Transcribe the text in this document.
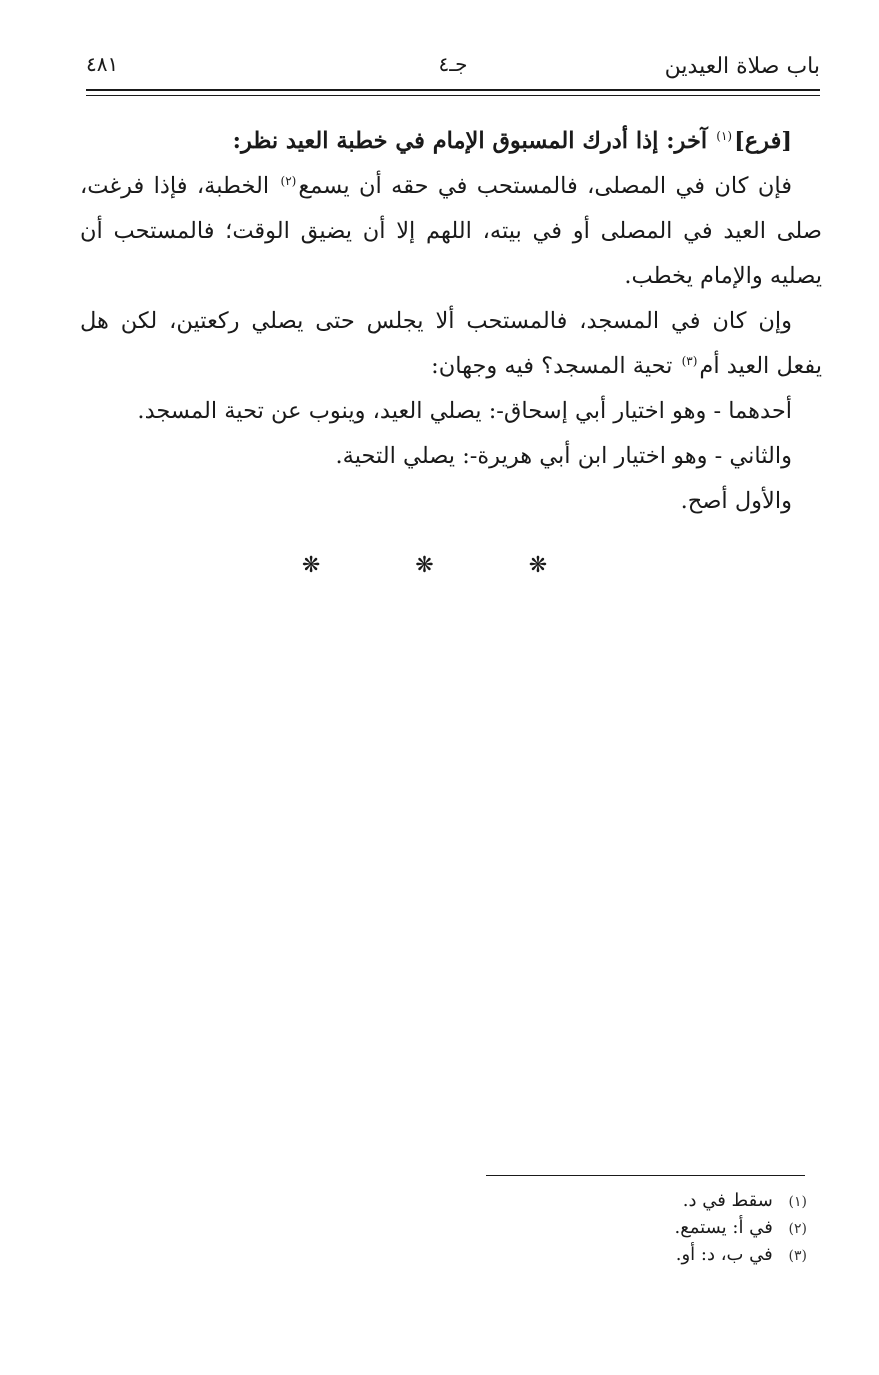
باب صلاة العيدين
جـ٤
٤٨١

[فرع]$^{(١)}$ آخر: إذا أدرك المسبوق الإمام في خطبة العيد نظر:

فإن كان في المصلى، فالمستحب في حقه أن يسمع$^{(٢)}$ الخطبة، فإذا فرغت، صلى العيد في المصلى أو في بيته، اللهم إلا أن يضيق الوقت؛ فالمستحب أن يصليه والإمام يخطب.

وإن كان في المسجد، فالمستحب ألا يجلس حتى يصلي ركعتين، لكن هل يفعل العيد أم$^{(٣)}$ تحية المسجد؟ فيه وجهان:

أحدهما - وهو اختيار أبي إسحاق-: يصلي العيد، وينوب عن تحية المسجد.

والثاني - وهو اختيار ابن أبي هريرة-: يصلي التحية.

والأول أصح.

❋	❋	❋
(١) سقط في د.
(٢) في أ: يستمع.
(٣) في ب، د: أو.
